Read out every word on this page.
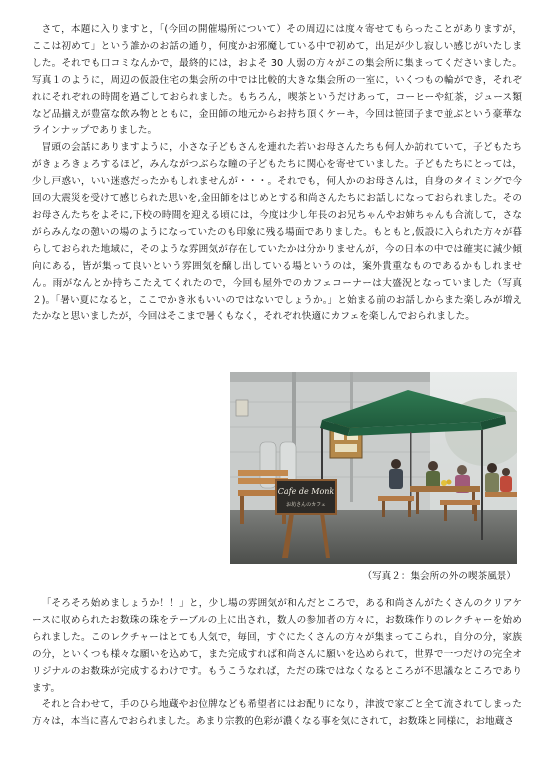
さて，本題に入りますと，「(今回の開催場所について）その周辺には度々寄せてもらったことがありますが，ここは初めて」という誰かのお話の通り，何度かお邪魔している中で初めて，出足が少し寂しい感じがいたしました。それでも口コミなんかで，最終的には，およそ 30 人弱の方々がこの集会所に集まってくださいました。写真１のように，周辺の仮設住宅の集会所の中では比較的大きな集会所の一室に，いくつもの輪ができ，それぞれにそれぞれの時間を過ごしておられました。もちろん，喫茶というだけあって，コーヒーや紅茶，ジュース類など品揃えが豊富な飲み物とともに，金田師の地元からお持ち頂くケーキ，今回は笹団子まで並ぶという豪華なラインナップでありました。

冒頭の会話にありますように，小さな子どもさんを連れた若いお母さんたちも何人か訪れていて，子どもたちがきょろきょろするほど，みんながつぶらな瞳の子どもたちに関心を寄せていました。子どもたちにとっては，少し戸惑い，いい迷惑だったかもしれませんが・・・。それでも，何人かのお母さんは，自身のタイミングで今回の大震災を受けて感じられた思いを,金田師をはじめとする和尚さんたちにお話しになっておられました。そのお母さんたちをよそに,下校の時間を迎える頃には，今度は少し年長のお兄ちゃんやお姉ちゃんも合流して，さながらみんなの憩いの場のようになっていたのも印象に残る場面でありました。もともと,仮設に入られた方々が暮らしておられた地域に，そのような雰囲気が存在していたかは分かりませんが，今の日本の中では確実に減少傾向にある，皆が集って良いという雰囲気を醸し出している場というのは，案外貴重なものであるかもしれません。雨がなんとか持ちこたえてくれたので，今回も屋外でのカフェコーナーは大盛況となっていました（写真２)。「暑い夏になると，ここでかき氷もいいのではないでしょうか。」と始まる前のお話しからまた楽しみが増えたかなと思いましたが，今回はそこまで暑くもなく，それぞれ快適にカフェを楽しんでおられました。

Cafe de Monk
お坊さんのカフェ
（写真２：集会所の外の喫茶風景）

「そろそろ始めましょうか！！」と，少し場の雰囲気が和んだところで，ある和尚さんがたくさんのクリアケースに収められたお数珠の珠をテーブルの上に出され，数人の参加者の方々に，お数珠作りのレクチャーを始められました。このレクチャーはとても人気で，毎回，すぐにたくさんの方々が集まってこられ，自分の分，家族の分，といくつも様々な願いを込めて，また完成すれば和尚さんに願いを込められて，世界で一つだけの完全オリジナルのお数珠が完成するわけです。もうこうなれば，ただの珠ではなくなるところが不思議なところであります。

それと合わせて，手のひら地蔵やお位牌なども希望者にはお配りになり，津波で家ごと全て流されてしまった方々は，本当に喜んでおられました。あまり宗教的色彩が濃くなる事を気にされて，お数珠と同様に，お地蔵さ
